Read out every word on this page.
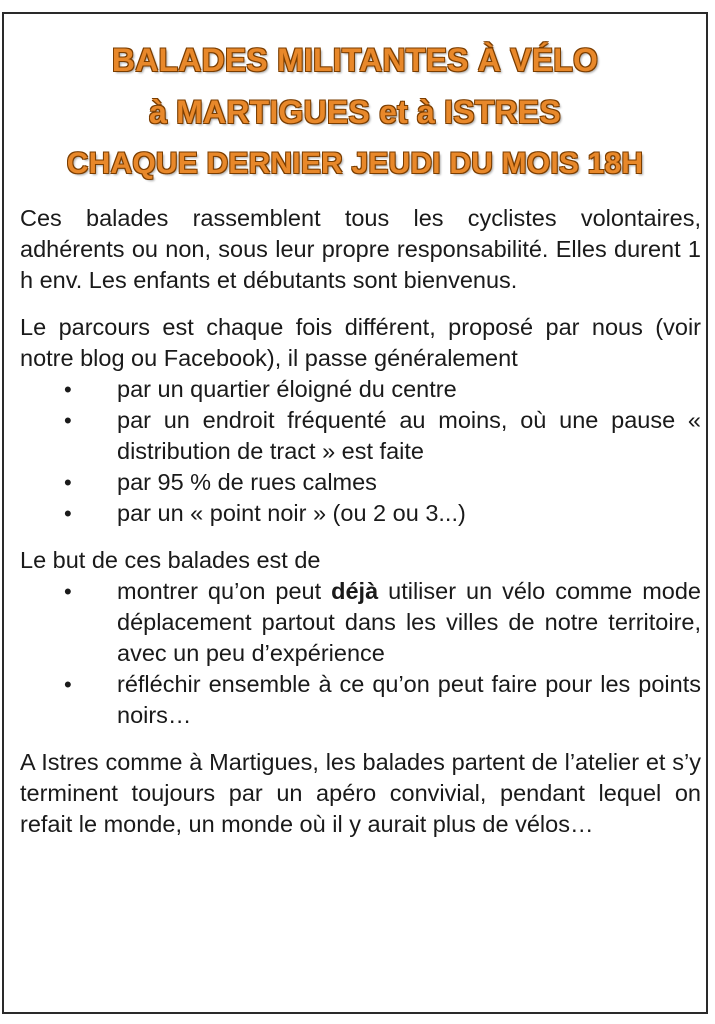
BALADES MILITANTES À VÉLO
à MARTIGUES et à ISTRES
CHAQUE DERNIER JEUDI DU MOIS 18H

Ces balades rassemblent tous les cyclistes volontaires, adhérents ou non, sous leur propre responsabilité. Elles durent 1 h env. Les enfants et débutants sont bienvenus.

Le parcours est chaque fois différent, proposé par nous (voir notre blog ou Facebook), il passe généralement

• par un quartier éloigné du centre
• par un endroit fréquenté au moins, où une pause « distribution de tract » est faite
• par 95 % de rues calmes
• par un « point noir » (ou 2 ou 3...)

Le but de ces balades est de

• montrer qu’on peut déjà utiliser un vélo comme mode déplacement partout dans les villes de notre territoire, avec un peu d’expérience
• réfléchir ensemble à ce qu’on peut faire pour les points noirs…

A Istres comme à Martigues, les balades partent de l’atelier et s’y terminent toujours par un apéro convivial, pendant lequel on refait le monde, un monde où il y aurait plus de vélos…
